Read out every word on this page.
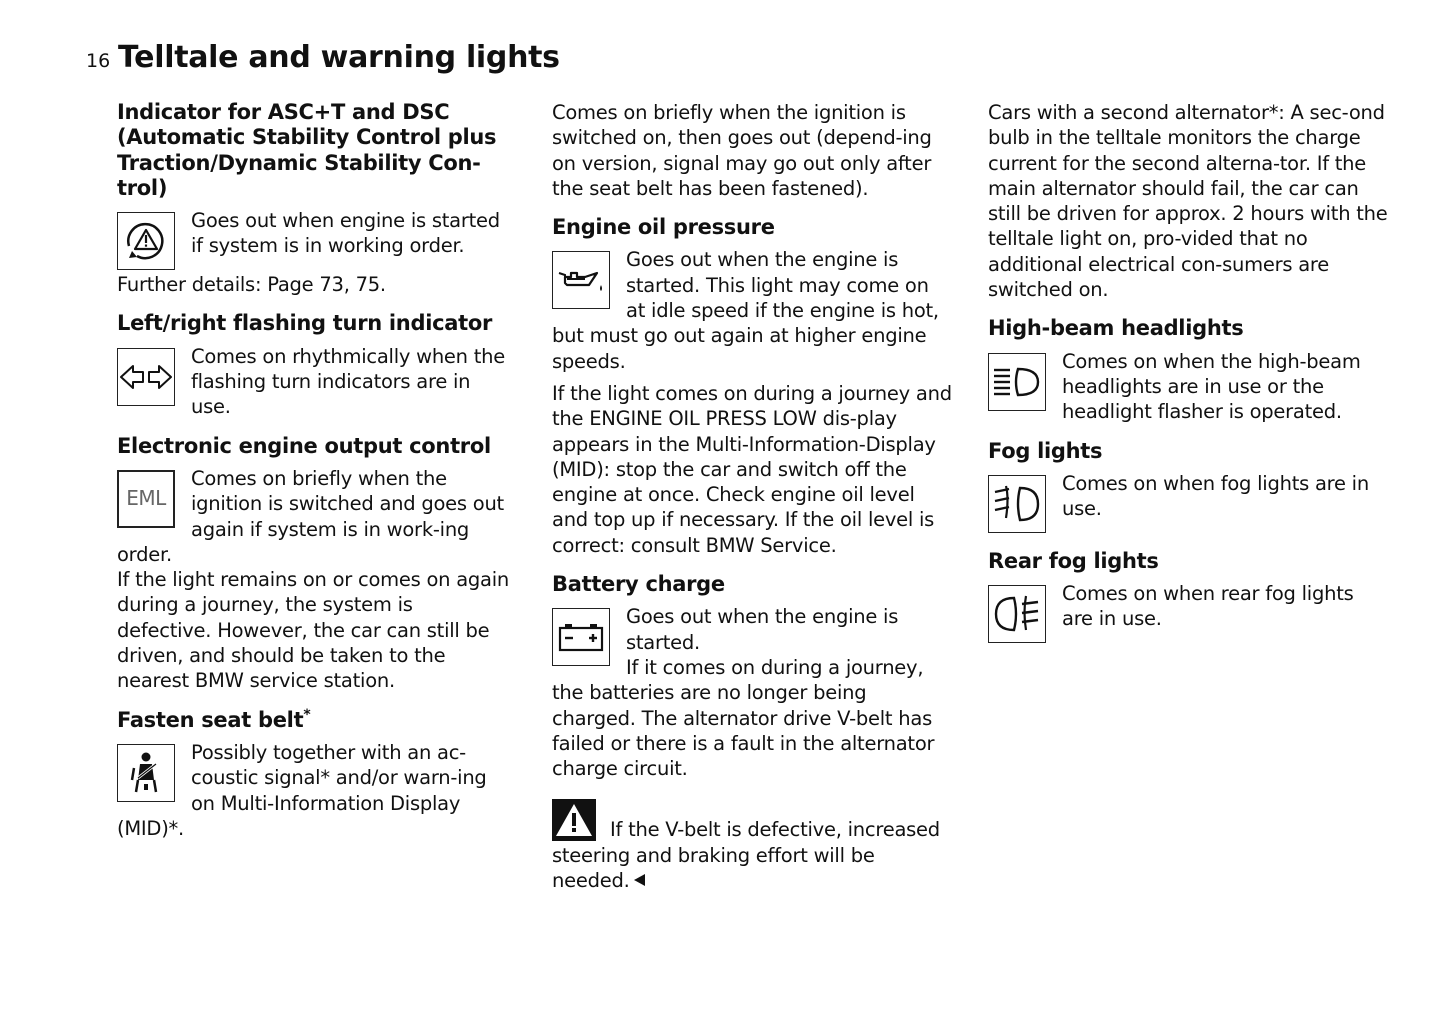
16 Telltale and warning lights
Indicator for ASC+T and DSC (Automatic Stability Control plus Traction/Dynamic Stability Con-trol)

Goes out when engine is started if system is in working order.

Further details: Page 73, 75.

Left/right flashing turn indicator

Comes on rhythmically when the flashing turn indicators are in use.

Electronic engine output control
EML

Comes on briefly when the ignition is switched and goes out again if system is in work-ing order.

If the light remains on or comes on again during a journey, the system is defective. However, the car can still be driven, and should be taken to the nearest BMW service station.

Fasten seat belt*

Possibly together with an ac-coustic signal* and/or warn-ing on Multi-Information Display (MID)*.

Comes on briefly when the ignition is switched on, then goes out (depend-ing on version, signal may go out only after the seat belt has been fastened).

Engine oil pressure

Goes out when the engine is started. This light may come on at idle speed if the engine is hot, but must go out again at higher engine speeds.

If the light comes on during a journey and the ENGINE OIL PRESS LOW dis-play appears in the Multi-Information-Display (MID): stop the car and switch off the engine at once. Check engine oil level and top up if necessary. If the oil level is correct: consult BMW Service.

Battery charge

Goes out when the engine is started.

If it comes on during a journey, the batteries are no longer being charged. The alternator drive V-belt has failed or there is a fault in the alternator charge circuit.

If the V-belt is defective, increased steering and braking effort will be needed.

Cars with a second alternator*: A sec-ond bulb in the telltale monitors the charge current for the second alterna-tor. If the main alternator should fail, the car can still be driven for approx. 2 hours with the telltale light on, pro-vided that no additional electrical con-sumers are switched on.

High-beam headlights

Comes on when the high-beam headlights are in use or the headlight flasher is operated.

Fog lights

Comes on when fog lights are in use.

Rear fog lights

Comes on when rear fog lights are in use.
